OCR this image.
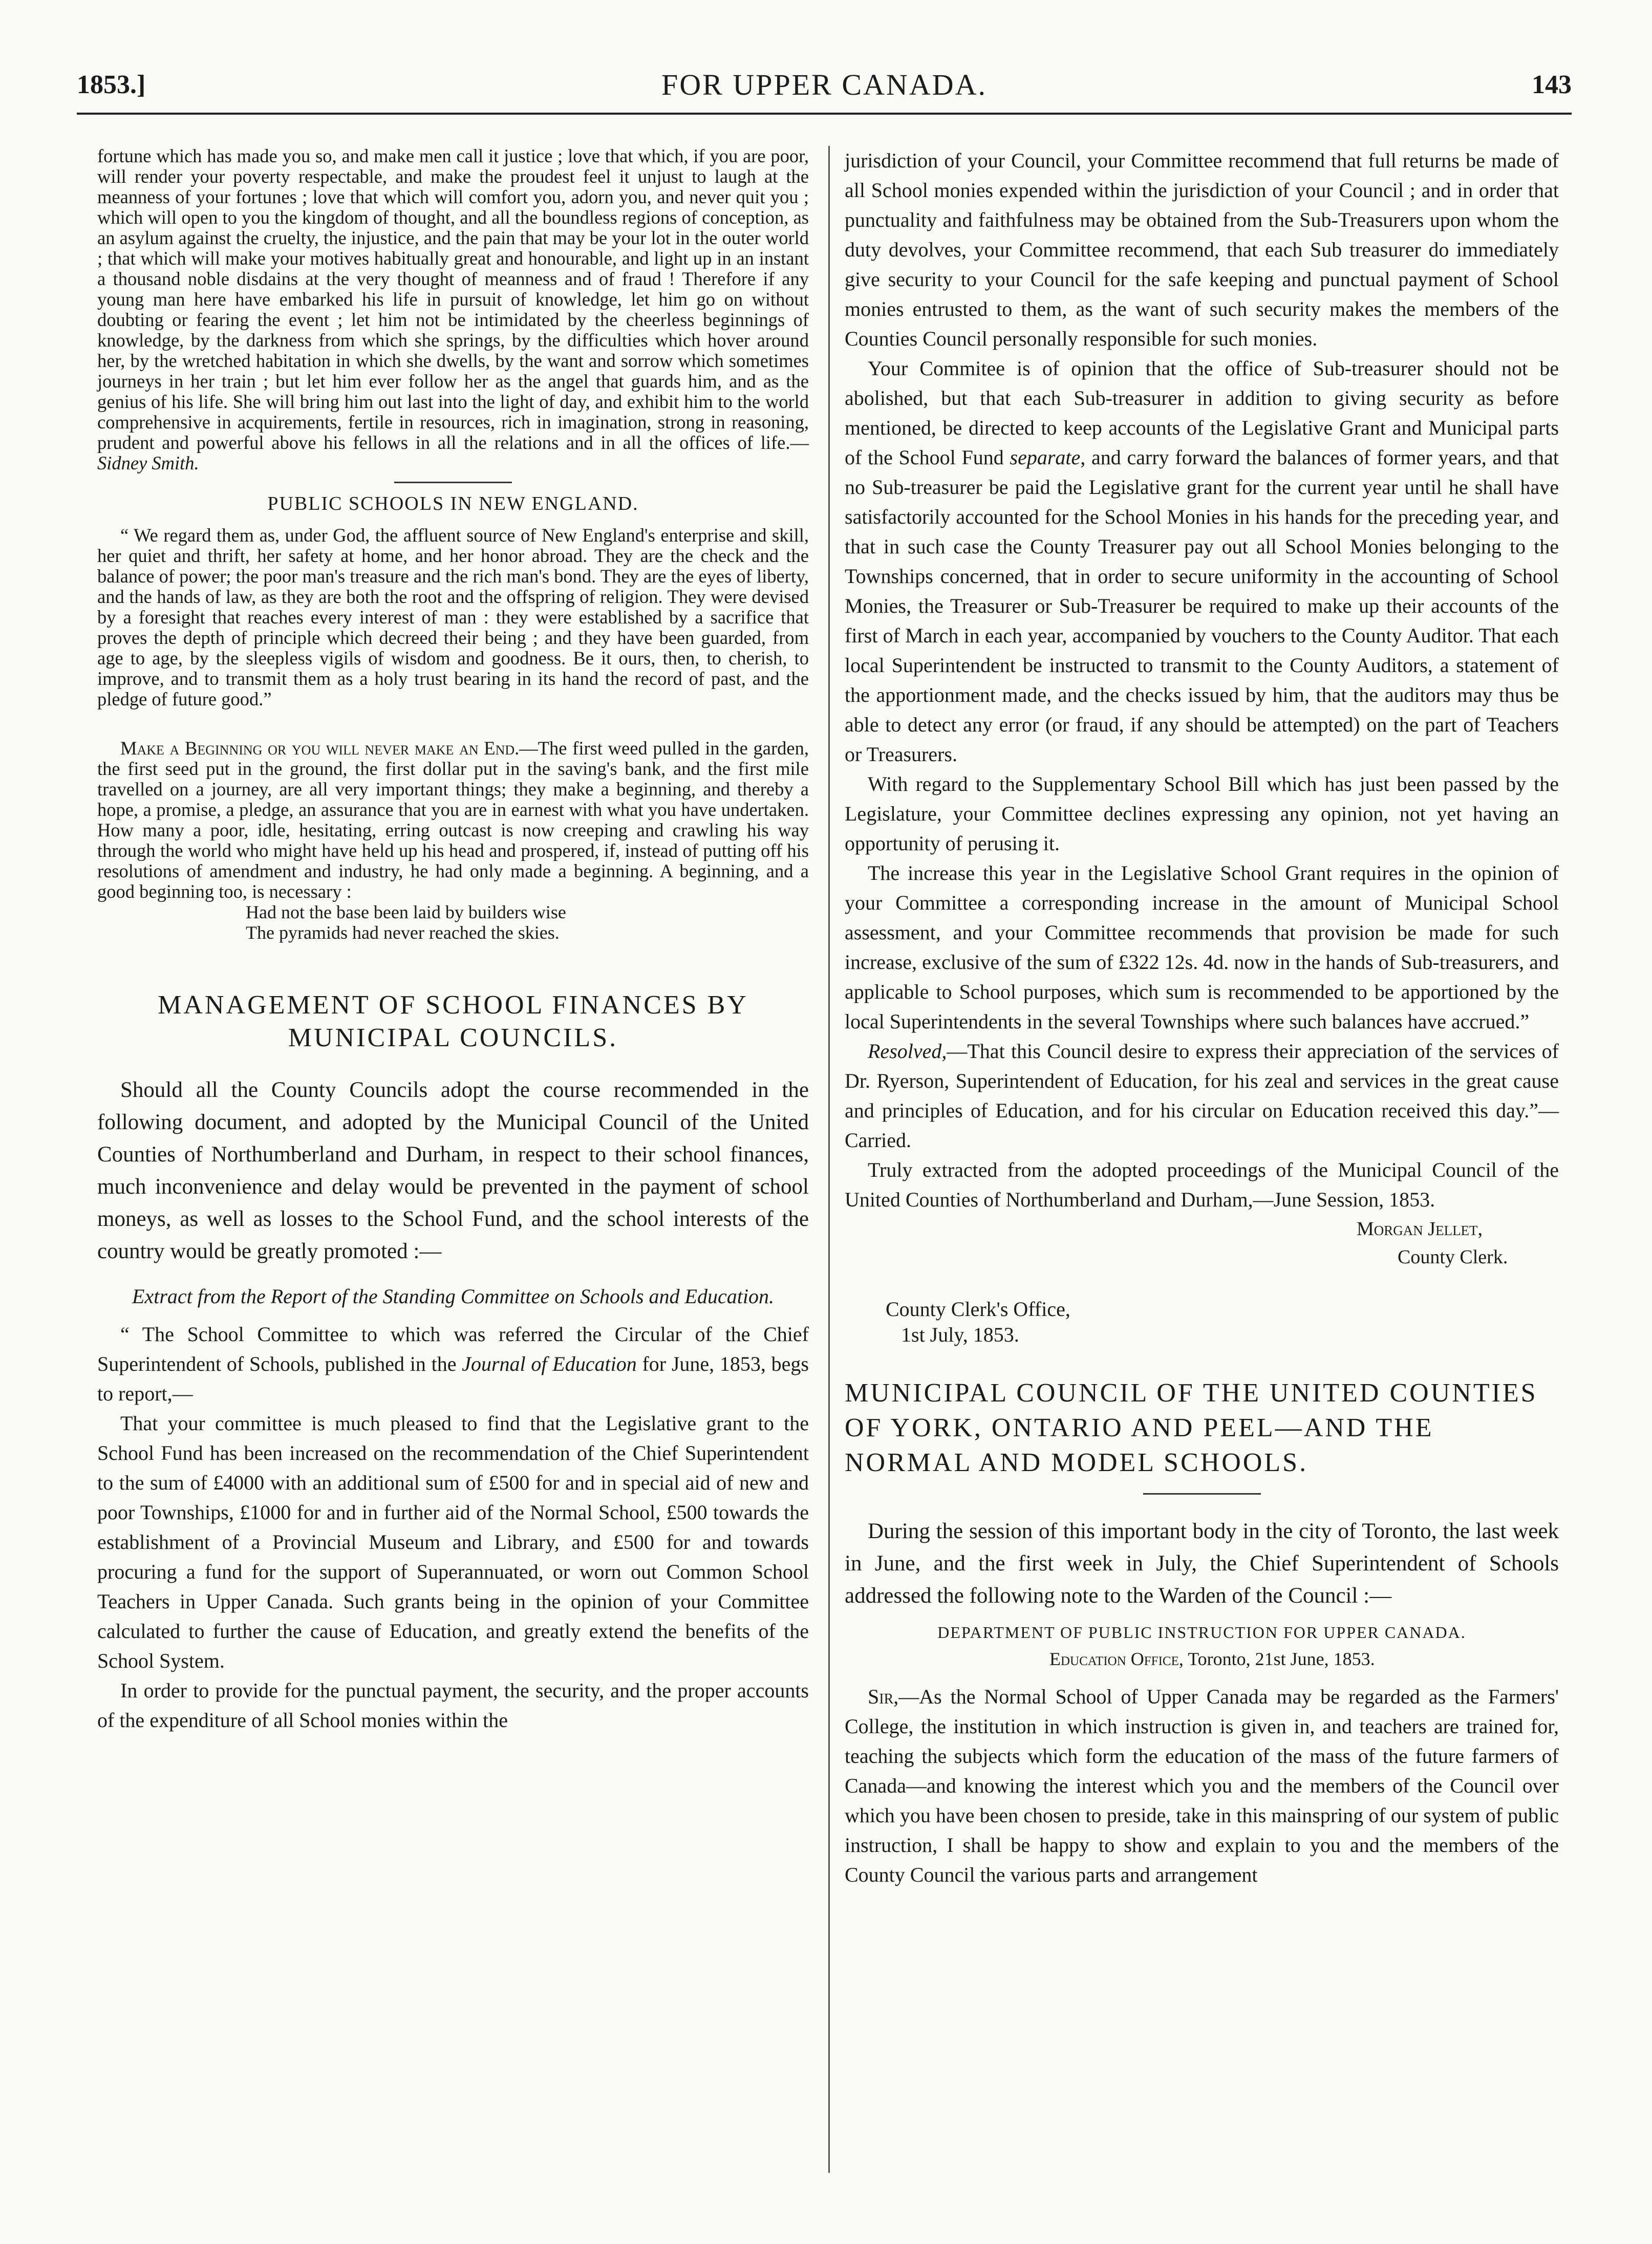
1853.]	FOR UPPER CANADA.	143

fortune which has made you so, and make men call it justice ; love that which, if you are poor, will render your poverty respectable, and make the proudest feel it unjust to laugh at the meanness of your fortunes ; love that which will comfort you, adorn you, and never quit you ; which will open to you the kingdom of thought, and all the boundless regions of conception, as an asylum against the cruelty, the injustice, and the pain that may be your lot in the outer world ; that which will make your motives habitually great and honourable, and light up in an instant a thousand noble disdains at the very thought of meanness and of fraud ! Therefore if any young man here have embarked his life in pursuit of knowledge, let him go on without doubting or fearing the event ; let him not be intimidated by the cheerless beginnings of knowledge, by the darkness from which she springs, by the difficulties which hover around her, by the wretched habitation in which she dwells, by the want and sorrow which sometimes journeys in her train ; but let him ever follow her as the angel that guards him, and as the genius of his life. She will bring him out last into the light of day, and exhibit him to the world comprehensive in acquirements, fertile in resources, rich in imagination, strong in reasoning, prudent and powerful above his fellows in all the relations and in all the offices of life.—Sidney Smith.

PUBLIC SCHOOLS IN NEW ENGLAND.

“ We regard them as, under God, the affluent source of New England's enterprise and skill, her quiet and thrift, her safety at home, and her honor abroad. They are the check and the balance of power; the poor man's treasure and the rich man's bond. They are the eyes of liberty, and the hands of law, as they are both the root and the offspring of religion. They were devised by a foresight that reaches every interest of man : they were established by a sacrifice that proves the depth of principle which decreed their being ; and they have been guarded, from age to age, by the sleepless vigils of wisdom and goodness. Be it ours, then, to cherish, to improve, and to transmit them as a holy trust bearing in its hand the record of past, and the pledge of future good.”

Make a Beginning or you will never make an End.—The first weed pulled in the garden, the first seed put in the ground, the first dollar put in the saving's bank, and the first mile travelled on a journey, are all very important things; they make a beginning, and thereby a hope, a promise, a pledge, an assurance that you are in earnest with what you have undertaken. How many a poor, idle, hesitating, erring outcast is now creeping and crawling his way through the world who might have held up his head and prospered, if, instead of putting off his resolutions of amendment and industry, he had only made a beginning. A beginning, and a good beginning too, is necessary :

Had not the base been laid by builders wise
The pyramids had never reached the skies.
MANAGEMENT OF SCHOOL FINANCES BY MUNICIPAL COUNCILS.

Should all the County Councils adopt the course recommended in the following document, and adopted by the Municipal Council of the United Counties of Northumberland and Durham, in respect to their school finances, much inconvenience and delay would be prevented in the payment of school moneys, as well as losses to the School Fund, and the school interests of the country would be greatly promoted :—

Extract from the Report of the Standing Committee on Schools and Education.

“ The School Committee to which was referred the Circular of the Chief Superintendent of Schools, published in the Journal of Education for June, 1853, begs to report,—

That your committee is much pleased to find that the Legislative grant to the School Fund has been increased on the recommendation of the Chief Superintendent to the sum of £4000 with an additional sum of £500 for and in special aid of new and poor Townships, £1000 for and in further aid of the Normal School, £500 towards the establishment of a Provincial Museum and Library, and £500 for and towards procuring a fund for the support of Superannuated, or worn out Common School Teachers in Upper Canada. Such grants being in the opinion of your Committee calculated to further the cause of Education, and greatly extend the benefits of the School System.

In order to provide for the punctual payment, the security, and the proper accounts of the expenditure of all School monies within the

jurisdiction of your Council, your Committee recommend that full returns be made of all School monies expended within the jurisdiction of your Council ; and in order that punctuality and faithfulness may be obtained from the Sub-Treasurers upon whom the duty devolves, your Committee recommend, that each Sub treasurer do immediately give security to your Council for the safe keeping and punctual payment of School monies entrusted to them, as the want of such security makes the members of the Counties Council personally responsible for such monies.

Your Commitee is of opinion that the office of Sub-treasurer should not be abolished, but that each Sub-treasurer in addition to giving security as before mentioned, be directed to keep accounts of the Legislative Grant and Municipal parts of the School Fund separate, and carry forward the balances of former years, and that no Sub-treasurer be paid the Legislative grant for the current year until he shall have satisfactorily accounted for the School Monies in his hands for the preceding year, and that in such case the County Treasurer pay out all School Monies belonging to the Townships concerned, that in order to secure uniformity in the accounting of School Monies, the Treasurer or Sub-Treasurer be required to make up their accounts of the first of March in each year, accompanied by vouchers to the County Auditor. That each local Superintendent be instructed to transmit to the County Auditors, a statement of the apportionment made, and the checks issued by him, that the auditors may thus be able to detect any error (or fraud, if any should be attempted) on the part of Teachers or Treasurers.

With regard to the Supplementary School Bill which has just been passed by the Legislature, your Committee declines expressing any opinion, not yet having an opportunity of perusing it.

The increase this year in the Legislative School Grant requires in the opinion of your Committee a corresponding increase in the amount of Municipal School assessment, and your Committee recommends that provision be made for such increase, exclusive of the sum of £322 12s. 4d. now in the hands of Sub-treasurers, and applicable to School purposes, which sum is recommended to be apportioned by the local Superintendents in the several Townships where such balances have accrued.”

Resolved,—That this Council desire to express their appreciation of the services of Dr. Ryerson, Superintendent of Education, for his zeal and services in the great cause and principles of Education, and for his circular on Education received this day.”—Carried.

Truly extracted from the adopted proceedings of the Municipal Council of the United Counties of Northumberland and Durham,—June Session, 1853.

Morgan Jellet,
County Clerk.
County Clerk's Office,
1st July, 1853.
MUNICIPAL COUNCIL OF THE UNITED COUNTIES OF YORK, ONTARIO AND PEEL—AND THE NORMAL AND MODEL SCHOOLS.

During the session of this important body in the city of Toronto, the last week in June, and the first week in July, the Chief Superintendent of Schools addressed the following note to the Warden of the Council :—

DEPARTMENT OF PUBLIC INSTRUCTION FOR UPPER CANADA.
Education Office, Toronto, 21st June, 1853.

Sir,—As the Normal School of Upper Canada may be regarded as the Farmers' College, the institution in which instruction is given in, and teachers are trained for, teaching the subjects which form the education of the mass of the future farmers of Canada—and knowing the interest which you and the members of the Council over which you have been chosen to preside, take in this mainspring of our system of public instruction, I shall be happy to show and explain to you and the members of the County Council the various parts and arrangement
